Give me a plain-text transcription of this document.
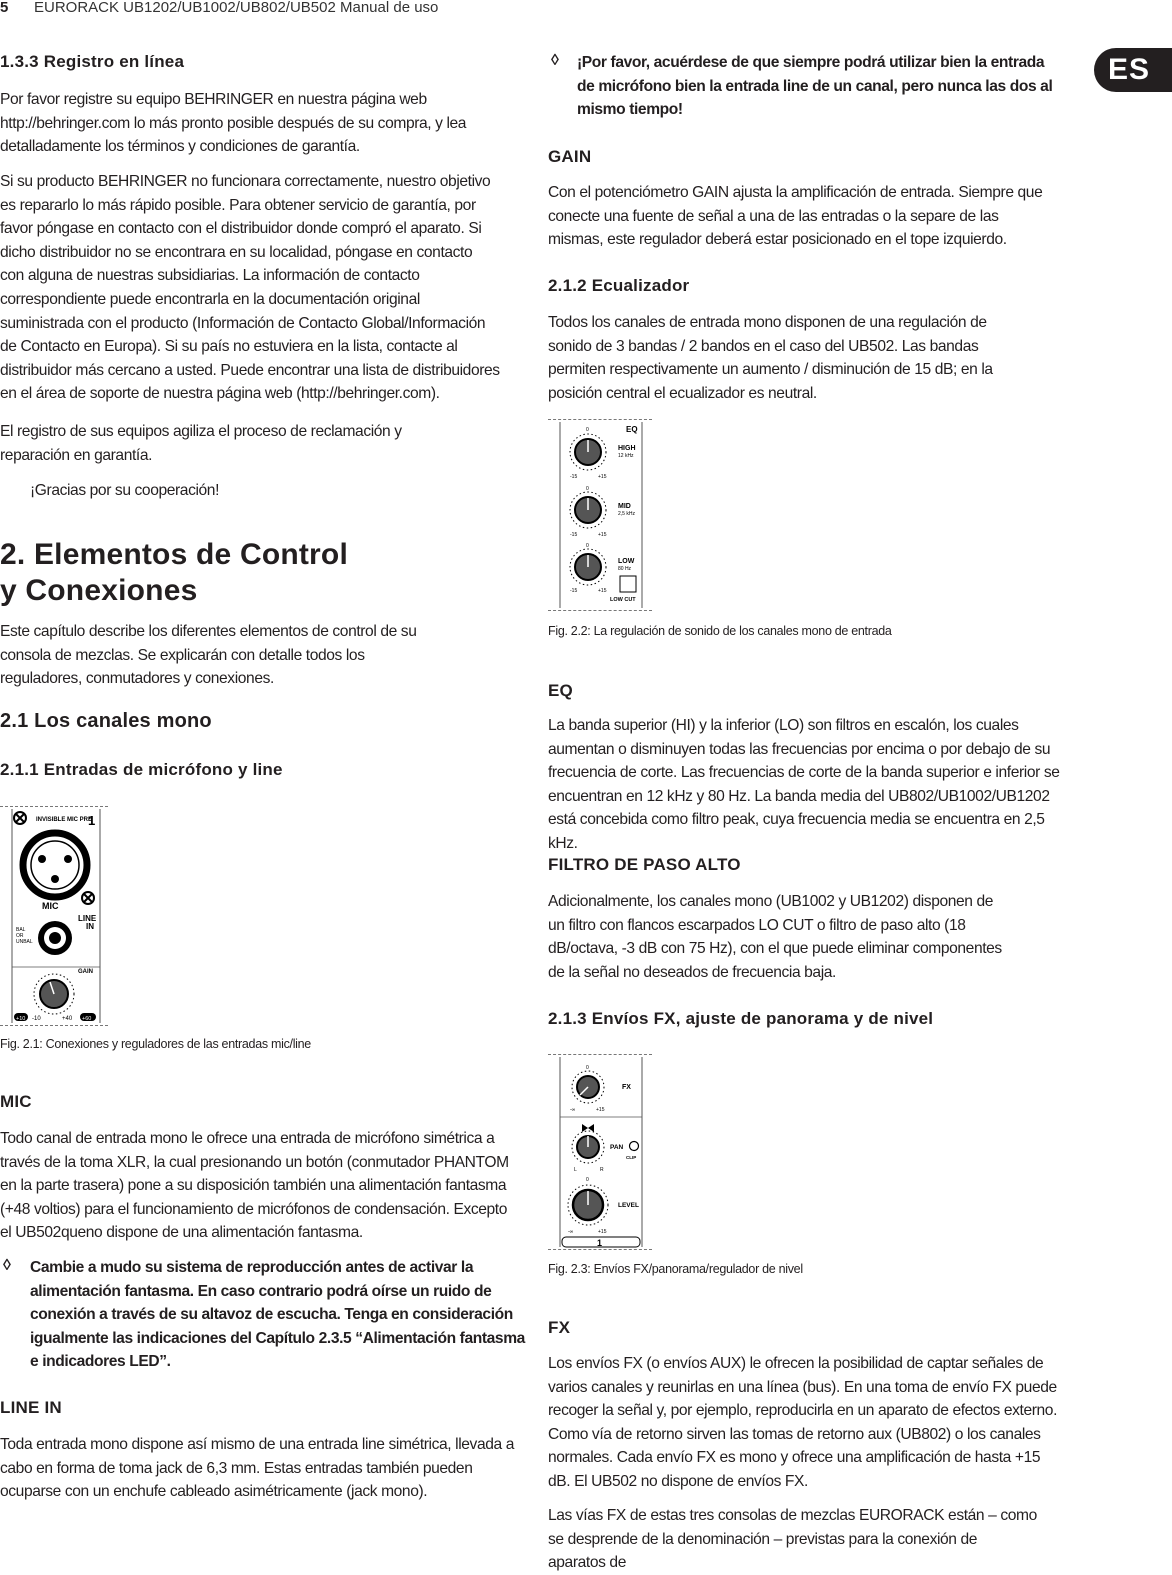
5 EURORACK UB1202/UB1002/UB802/UB502 Manual de uso
ES
1.3.3 Registro en línea

Por favor registre su equipo BEHRINGER en nuestra página web http://behringer.com lo más pronto posible después de su compra, y lea detalladamente los términos y condiciones de garantía.

Si su producto BEHRINGER no funcionara correctamente, nuestro objetivo es repararlo lo más rápido posible. Para obtener servicio de garantía, por favor póngase en contacto con el distribuidor donde compró el aparato. Si dicho distribuidor no se encontrara en su localidad, póngase en contacto con alguna de nuestras subsidiarias. La información de contacto correspondiente puede encontrarla en la documentación original suministrada con el producto (Información de Contacto Global/Información de Contacto en Europa). Si su país no estuviera en la lista, contacte al distribuidor más cercano a usted. Puede encontrar una lista de distribuidores en el área de soporte de nuestra página web (http://behringer.com).

El registro de sus equipos agiliza el proceso de reclamación y reparación en garantía.

¡Gracias por su cooperación!

2. Elementos de Control
y Conexiones

Este capítulo describe los diferentes elementos de control de su consola de mezclas. Se explicarán con detalle todos los reguladores, conmutadores y conexiones.

2.1 Los canales mono
2.1.1 Entradas de micrófono y line
INVISIBLE MIC PRE
1
MIC
LINE
IN
BAL
OR
UNBAL
GAIN
+10 -10	+40 +60
Fig. 2.1: Conexiones y reguladores de las entradas mic/line
MIC

Todo canal de entrada mono le ofrece una entrada de micrófono simétrica a través de la toma XLR, la cual presionando un botón (conmutador PHANTOM en la parte trasera) pone a su disposición también una alimentación fantasma (+48 voltios) para el funcionamiento de micrófonos de condensación. Excepto el UB502queno dispone de una alimentación fantasma.

◊ Cambie a mudo su sistema de reproducción antes de activar la alimentación fantasma. En caso contrario podrá oírse un ruido de conexión a través de su altavoz de escucha. Tenga en consideración igualmente las indicaciones del Capítulo 2.3.5 “Alimentación fantasma e indicadores LED”.

LINE IN

Toda entrada mono dispone así mismo de una entrada line simétrica, llevada a cabo en forma de toma jack de 6,3 mm. Estas entradas también pueden ocuparse con un enchufe cableado asimétricamente (jack mono).

◊ ¡Por favor, acuérdese de que siempre podrá utilizar bien la entrada de micrófono bien la entrada line de un canal, pero nunca las dos al mismo tiempo!

GAIN

Con el potenciómetro GAIN ajusta la amplificación de entrada. Siempre que conecte una fuente de señal a una de las entradas o la separe de las mismas, este regulador deberá estar posicionado en el tope izquierdo.

2.1.2 Ecualizador

Todos los canales de entrada mono disponen de una regulación de sonido de 3 bandas / 2 bandos en el caso del UB502. Las bandas permiten respectivamente un aumento / disminución de 15 dB; en la posición central el ecualizador es neutral.

EQ
0
-15	+15
HIGH
12 kHz
0
-15	+15
MID
2,5 kHz
0
-15	+15
LOW
80 Hz
LOW CUT
Fig. 2.2: La regulación de sonido de los canales mono de entrada
EQ

La banda superior (HI) y la inferior (LO) son filtros en escalón, los cuales aumentan o disminuyen todas las frecuencias por encima o por debajo de su frecuencia de corte. Las frecuencias de corte de la banda superior e inferior se encuentran en 12 kHz y 80 Hz. La banda media del UB802/UB1002/UB1202 está concebida como filtro peak, cuya frecuencia media se encuentra en 2,5 kHz.

FILTRO DE PASO ALTO

Adicionalmente, los canales mono (UB1002 y UB1202) disponen de un filtro con flancos escarpados LO CUT o filtro de paso alto (18 dB/octava, -3 dB con 75 Hz), con el que puede eliminar componentes de la señal no deseados de frecuencia baja.

2.1.3 Envíos FX, ajuste de panorama y de nivel
0
-∞	+15
FX
L	R
PAN
CLIP
0
-∞	+15
LEVEL
1
Fig. 2.3: Envíos FX/panorama/regulador de nivel
FX

Los envíos FX (o envíos AUX) le ofrecen la posibilidad de captar señales de varios canales y reunirlas en una línea (bus). En una toma de envío FX puede recoger la señal y, por ejemplo, reproducirla en un aparato de efectos externo. Como vía de retorno sirven las tomas de retorno aux (UB802) o los canales normales. Cada envío FX es mono y ofrece una amplificación de hasta +15 dB. El UB502 no dispone de envíos FX.

Las vías FX de estas tres consolas de mezclas EURORACK están – como se desprende de la denominación – previstas para la conexión de aparatos de
